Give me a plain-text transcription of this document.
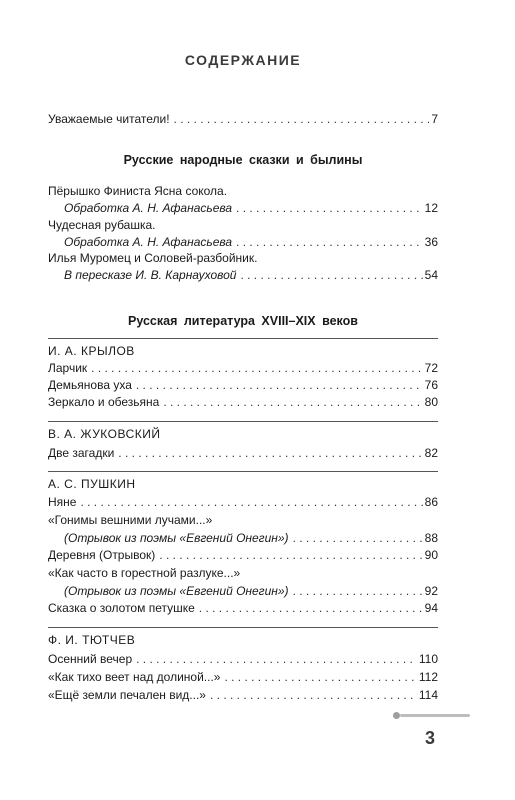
СОДЕРЖАНИЕ
Уважаемые читатели! . . .	7
Русские народные сказки и былины
Пёрышко Финиста Ясна сокола.
Обработка А. Н. Афанасьева . . .	12
Чудесная рубашка.
Обработка А. Н. Афанасьева . . .	36
Илья Муромец и Соловей-разбойник.
В пересказе И. В. Карнауховой . . .	54
Русская литература XVIII–XIX веков
И. А. КРЫЛОВ
Ларчик . . .	72
Демьянова уха . . .	76
Зеркало и обезьяна . . .	80
В. А. ЖУКОВСКИЙ
Две загадки . . .	82
А. С. ПУШКИН
Няне . . .	86
«Гонимы вешними лучами...»
(Отрывок из поэмы «Евгений Онегин») . . .	88
Деревня (Отрывок) . . .	90
«Как часто в горестной разлуке...»
(Отрывок из поэмы «Евгений Онегин») . . .	92
Сказка о золотом петушке . . .	94
Ф. И. ТЮТЧЕВ
Осенний вечер . . .	110
«Как тихо веет над долиной...» . . .	112
«Ещё земли печален вид...» . . .	114
3
